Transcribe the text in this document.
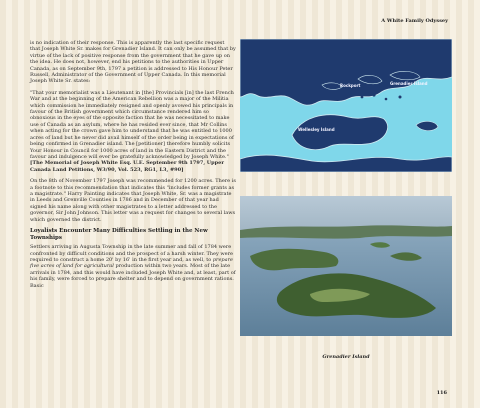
A White Family Odyssey

is no indication of their response. This is apparently the last specific request that Joseph White Sr. makes for Grenadier Island. It can only be assumed that by virtue of the lack of positive response from the government that he gave up on the idea. He does not, however, end his petitions to the authorities in Upper Canada, as on September 9th, 1797 a petition is addressed to His Honour Peter Russell, Administrator of the Government of Upper Canada. In this memorial Joseph White Sr. states:

"That your memorialist was a Lieutenant in [the] Provincials [in] the last French War and at the beginning of the American Rebellion was a major of the Militia which commission he immediately resigned and openly avowed his principals in favour of the British government which circumstance rendered him so obnoxious in the eyes of the opposite faction that he was necessitated to make use of Canada as an asylum, where he has resided ever since, that Mr Collins when acting for the crown gave him to understand that he was entitled to 1000 acres of land but he never did avail himself of the order being in expectations of being confirmed in Grenadier island. The [petitioner] therefore humbly solicits Your Honour in Council for 1000 acres of land in the Eastern District and the favour and indulgence will ever be gratefully acknowledged by Joseph White." [The Memorial of Joseph White Esq. U.E. September 9th 1797, Upper Canada Land Petitions, W3/90, Vol. 523, RG1, L3, #90]

On the 8th of November 1797 Joseph was recommended for 1200 acres. There is a footnote to this recommendation that indicates this "includes former grants as a magistrate." Harry Painting indicates that Joseph White, Sr. was a magistrate in Leeds and Grenville Counties in 1786 and in December of that year had signed his name along with other magistrates to a letter addressed to the governor, Sir John Johnson. This letter was a request for changes to several laws which governed the district.

Loyalists Encounter Many Difficulties Settling in the New Townships

Settlers arriving in Augusta Township in the late summer and fall of 1784 were confronted by difficult conditions and the prospect of a harsh winter. They were required to construct a home 20' by 16' in the first year and, as well, to prepare five acres of land for agricultural production within two years. Most of the late arrivals in 1784, and this would have included Joseph White and, at least, part of his family, were forced to prepare shelter and to depend on government rations. Basic

Wellesley Island
Rockport	Grenadier Island
Grenadier Island
116
